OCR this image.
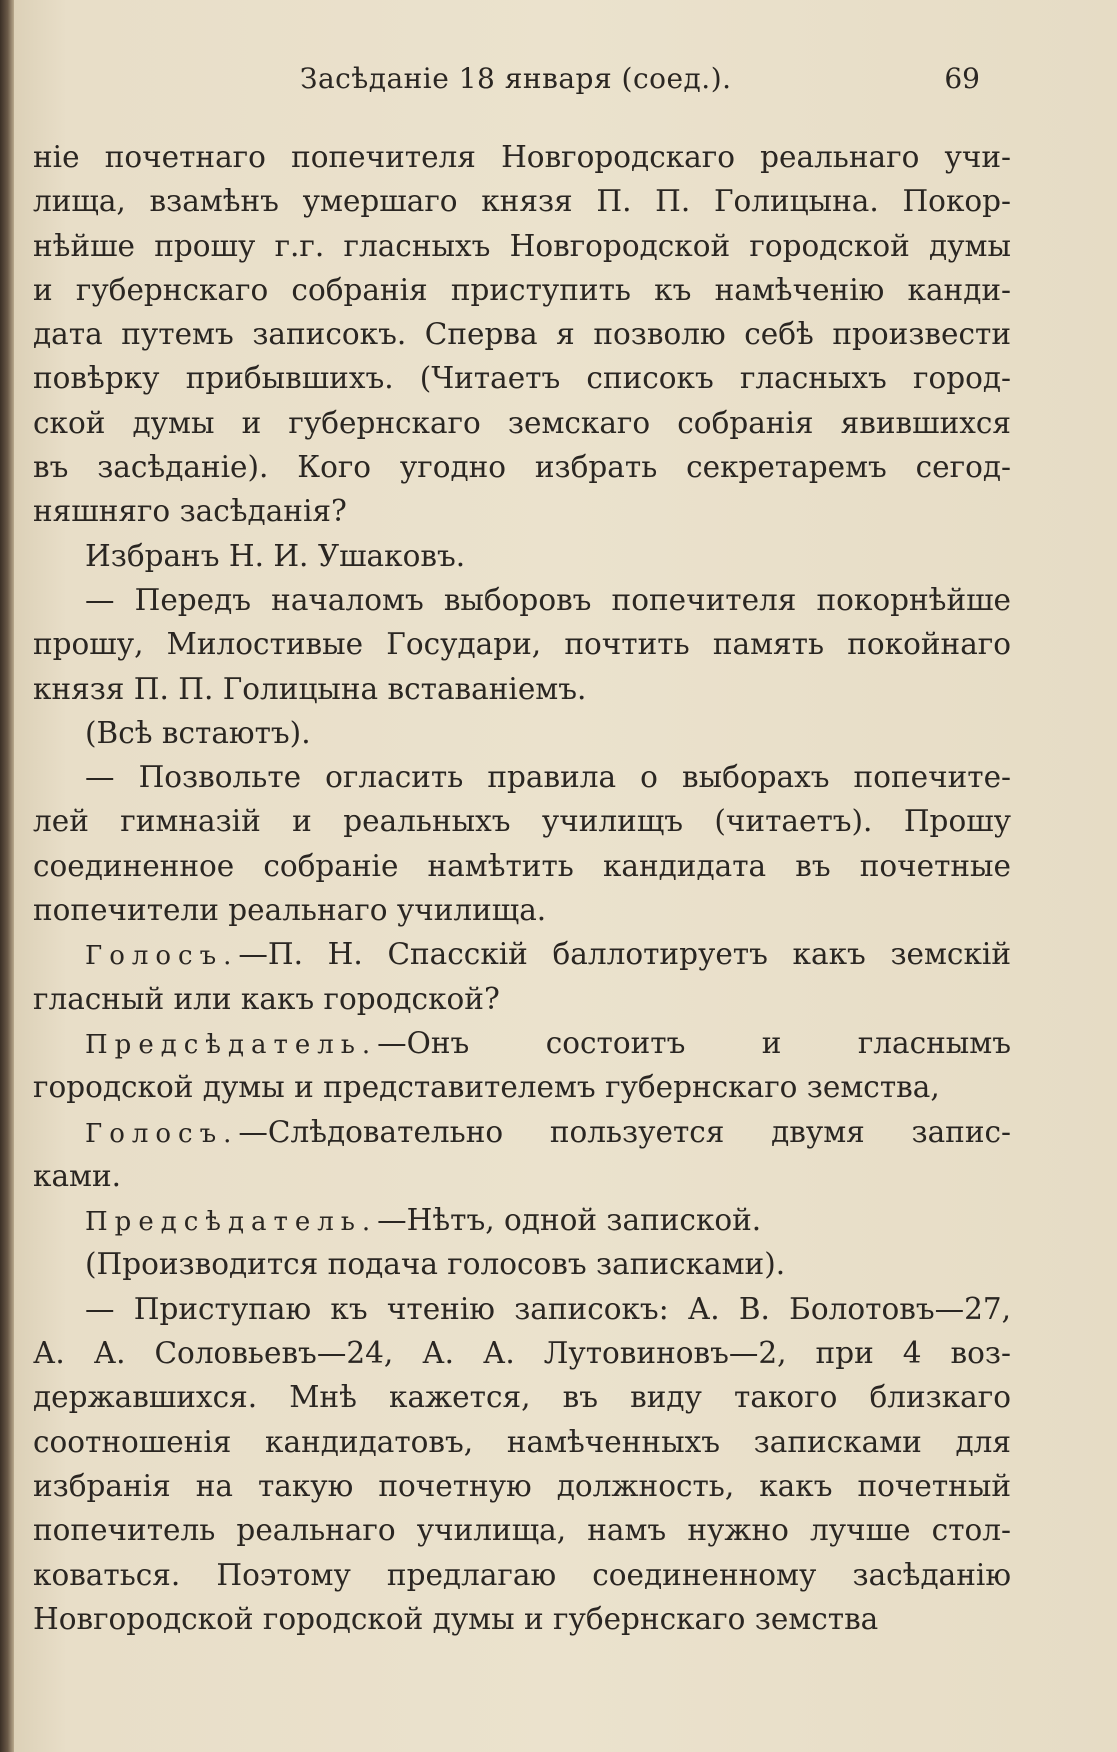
Засѣданіе 18 января (соед.).	69
ніе почетнаго попечителя Новгородскаго реальнаго учи-
лища, взамѣнъ умершаго князя П. П. Голицына. Покор-
нѣйше прошу г.г. гласныхъ Новгородской городской думы
и губернскаго собранія приступить къ намѣченію канди-
дата путемъ записокъ. Сперва я позволю себѣ произвести
повѣрку прибывшихъ. (Читаетъ списокъ гласныхъ город-
ской думы и губернскаго земскаго собранія явившихся
въ засѣданіе). Кого угодно избрать секретаремъ сегод-
няшняго засѣданія?
Избранъ Н. И. Ушаковъ.
— Передъ началомъ выборовъ попечителя покорнѣйше
прошу, Милостивые Государи, почтить память покойнаго
князя П. П. Голицына вставаніемъ.
(Всѣ встаютъ).
— Позвольте огласить правила о выборахъ попечите-
лей гимназій и реальныхъ училищъ (читаетъ). Прошу
соединенное собраніе намѣтить кандидата въ почетные
попечители реальнаго училища.
Голосъ.—П. Н. Спасскій баллотируетъ какъ земскій
гласный или какъ городской?
Предсѣдатель.—Онъ состоитъ и гласнымъ
городской думы и представителемъ губернскаго земства,
Голосъ.—Слѣдовательно пользуется двумя запис-
ками.
Предсѣдатель.—Нѣтъ, одной запиской.
(Производится подача голосовъ записками).
— Приступаю къ чтенію записокъ: А. В. Болотовъ—27,
А. А. Соловьевъ—24, А. А. Лутовиновъ—2, при 4 воз-
державшихся. Мнѣ кажется, въ виду такого близкаго
соотношенія кандидатовъ, намѣченныхъ записками для
избранія на такую почетную должность, какъ почетный
попечитель реальнаго училища, намъ нужно лучше стол-
коваться. Поэтому предлагаю соединенному засѣданію
Новгородской городской думы и губернскаго земства
